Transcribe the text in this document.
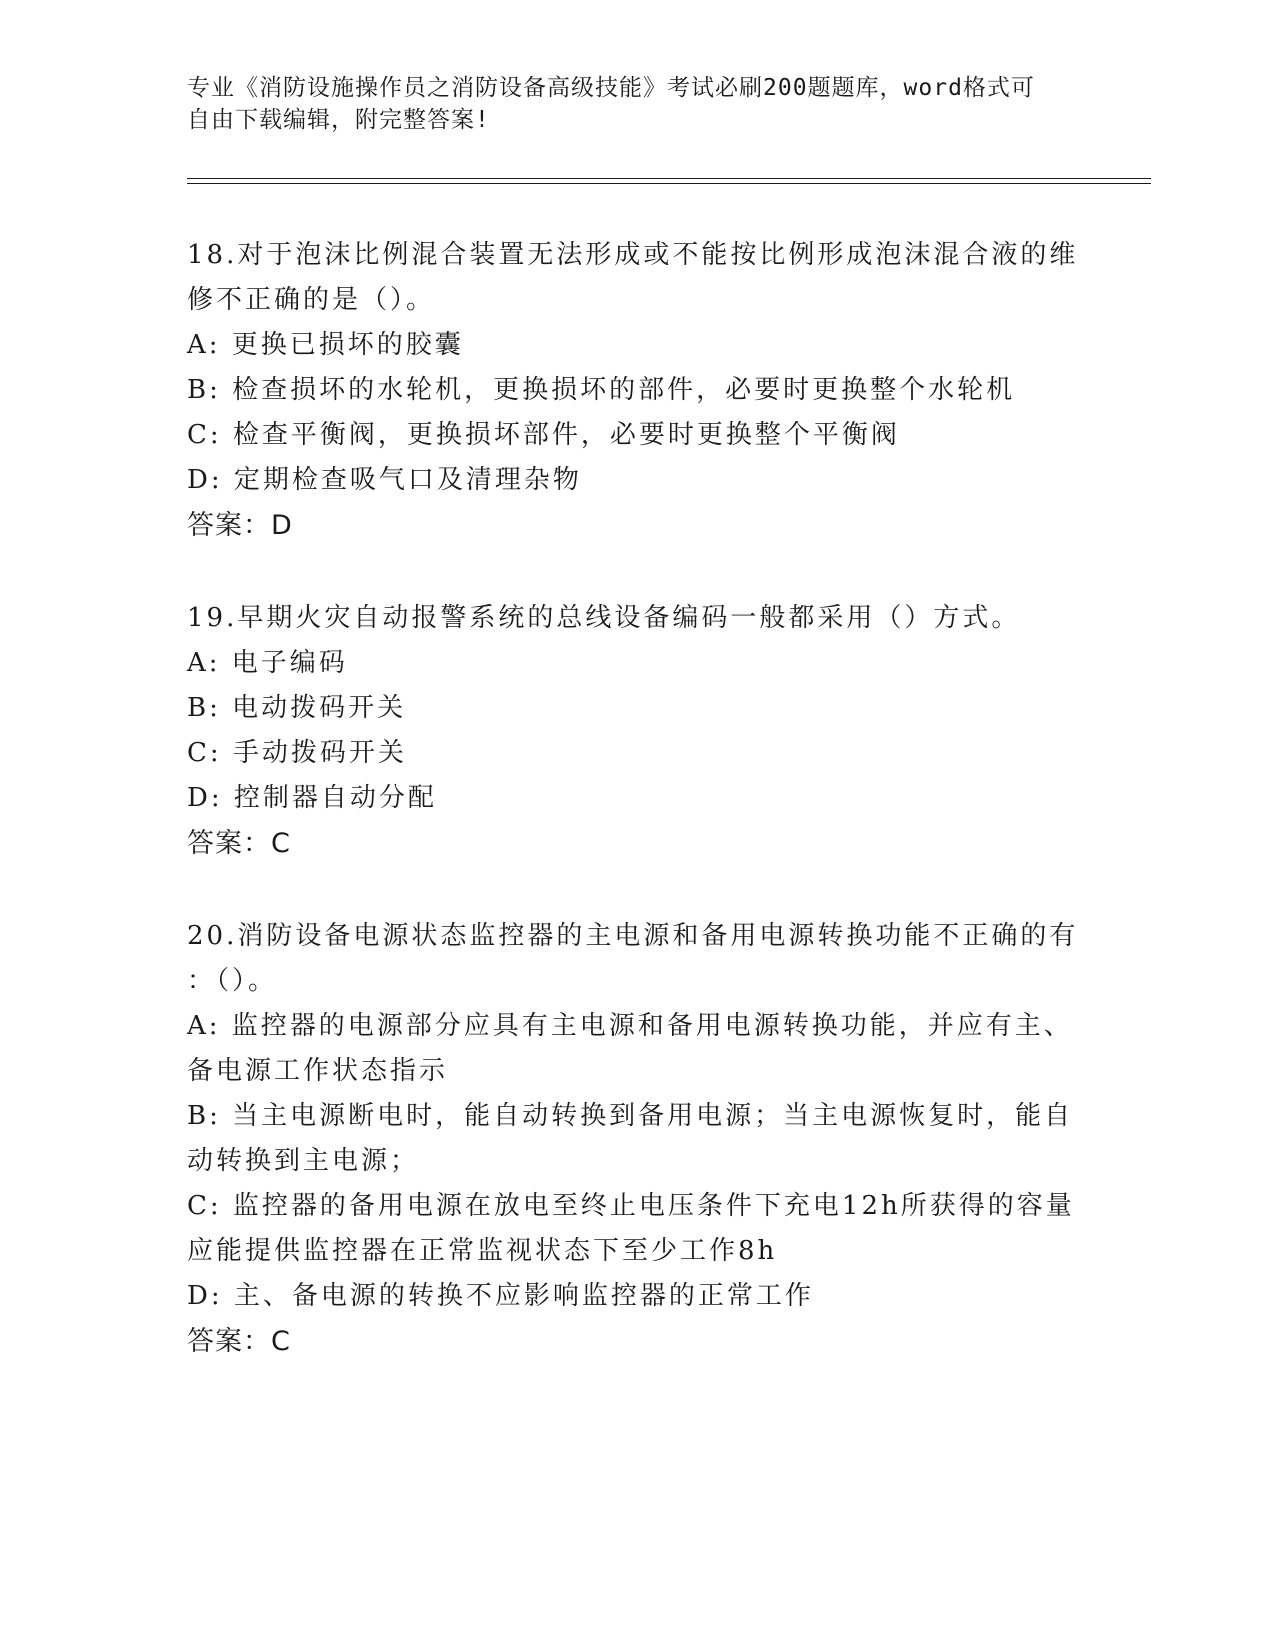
专业《消防设施操作员之消防设备高级技能》考试必刷200题题库，word格式可
自由下载编辑，附完整答案!
18.对于泡沫比例混合装置无法形成或不能按比例形成泡沫混合液的维
修不正确的是（）。
A: 更换已损坏的胶囊
B: 检查损坏的水轮机，更换损坏的部件，必要时更换整个水轮机
C: 检查平衡阀，更换损坏部件，必要时更换整个平衡阀
D: 定期检查吸气口及清理杂物
答案：D
19.早期火灾自动报警系统的总线设备编码一般都采用（）方式。
A: 电子编码
B: 电动拨码开关
C: 手动拨码开关
D: 控制器自动分配
答案：C
20.消防设备电源状态监控器的主电源和备用电源转换功能不正确的有
：（）。
A: 监控器的电源部分应具有主电源和备用电源转换功能，并应有主、
备电源工作状态指示
B: 当主电源断电时，能自动转换到备用电源；当主电源恢复时，能自
动转换到主电源；
C: 监控器的备用电源在放电至终止电压条件下充电12h所获得的容量
应能提供监控器在正常监视状态下至少工作8h
D: 主、备电源的转换不应影响监控器的正常工作
答案：C
